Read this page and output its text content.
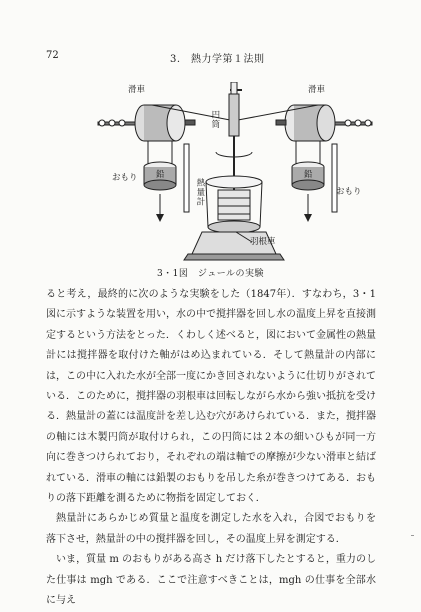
72	3.　熱力学第１法則
滑車	滑車
円筒
おもり
おもり
鉛	鉛
熱量計
羽根車
3・1図　ジュールの実験

ると考え，最終的に次のような実験をした（1847年）．すなわち，3・1図に示すような装置を用い，水の中で撹拌器を回し水の温度上昇を直接測定するという方法をとった．くわしく述べると，図において金属性の熱量計には撹拌器を取付けた軸がはめ込まれている．そして熱量計の内部には，この中に入れた水が全部一度にかき回されないように仕切りがされている．このために，撹拌器の羽根車は回転しながら水から強い抵抗を受ける．熱量計の蓋には温度計を差し込む穴があけられている．また，撹拌器の軸には木製円筒が取付けられ，この円筒には２本の細いひもが同一方向に巻きつけられており，それぞれの端は軸での摩擦が少ない滑車と結ばれている．滑車の軸には鉛製のおもりを吊した糸が巻きつけてある．おもりの落下距離を測るために物指を固定しておく．

熱量計にあらかじめ質量と温度を測定した水を入れ，合図でおもりを落下させ，熱量計の中の撹拌器を回し，その温度上昇を測定する．

いま，質量 m のおもりがある高さ h だけ落下したとすると，重力のした仕事は mgh である．ここで注意すべきことは，mgh の仕事を全部水に与え
